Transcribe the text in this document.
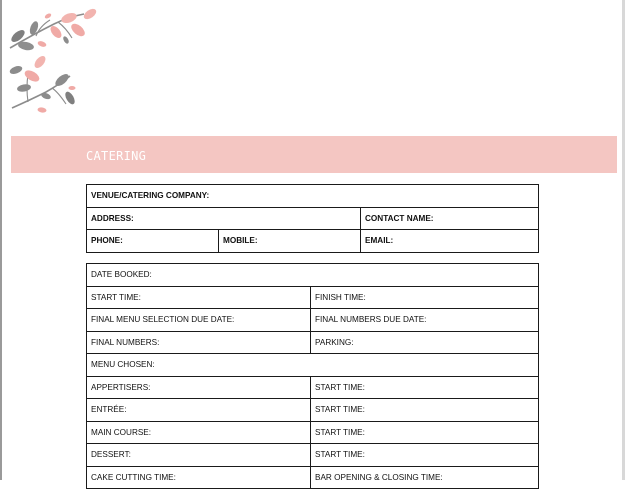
CATERING
VENUE/CATERING COMPANY:		
ADDRESS:		CONTACT NAME:
PHONE:	MOBILE:	EMAIL:
DATE BOOKED:	
START TIME:	FINISH TIME:
FINAL MENU SELECTION DUE DATE:	FINAL NUMBERS DUE DATE:
FINAL NUMBERS:	PARKING:
MENU CHOSEN:	
APPERTISERS:	START TIME:
ENTRÉE:	START TIME:
MAIN COURSE:	START TIME:
DESSERT:	START TIME:
CAKE CUTTING TIME:	BAR OPENING & CLOSING TIME:
